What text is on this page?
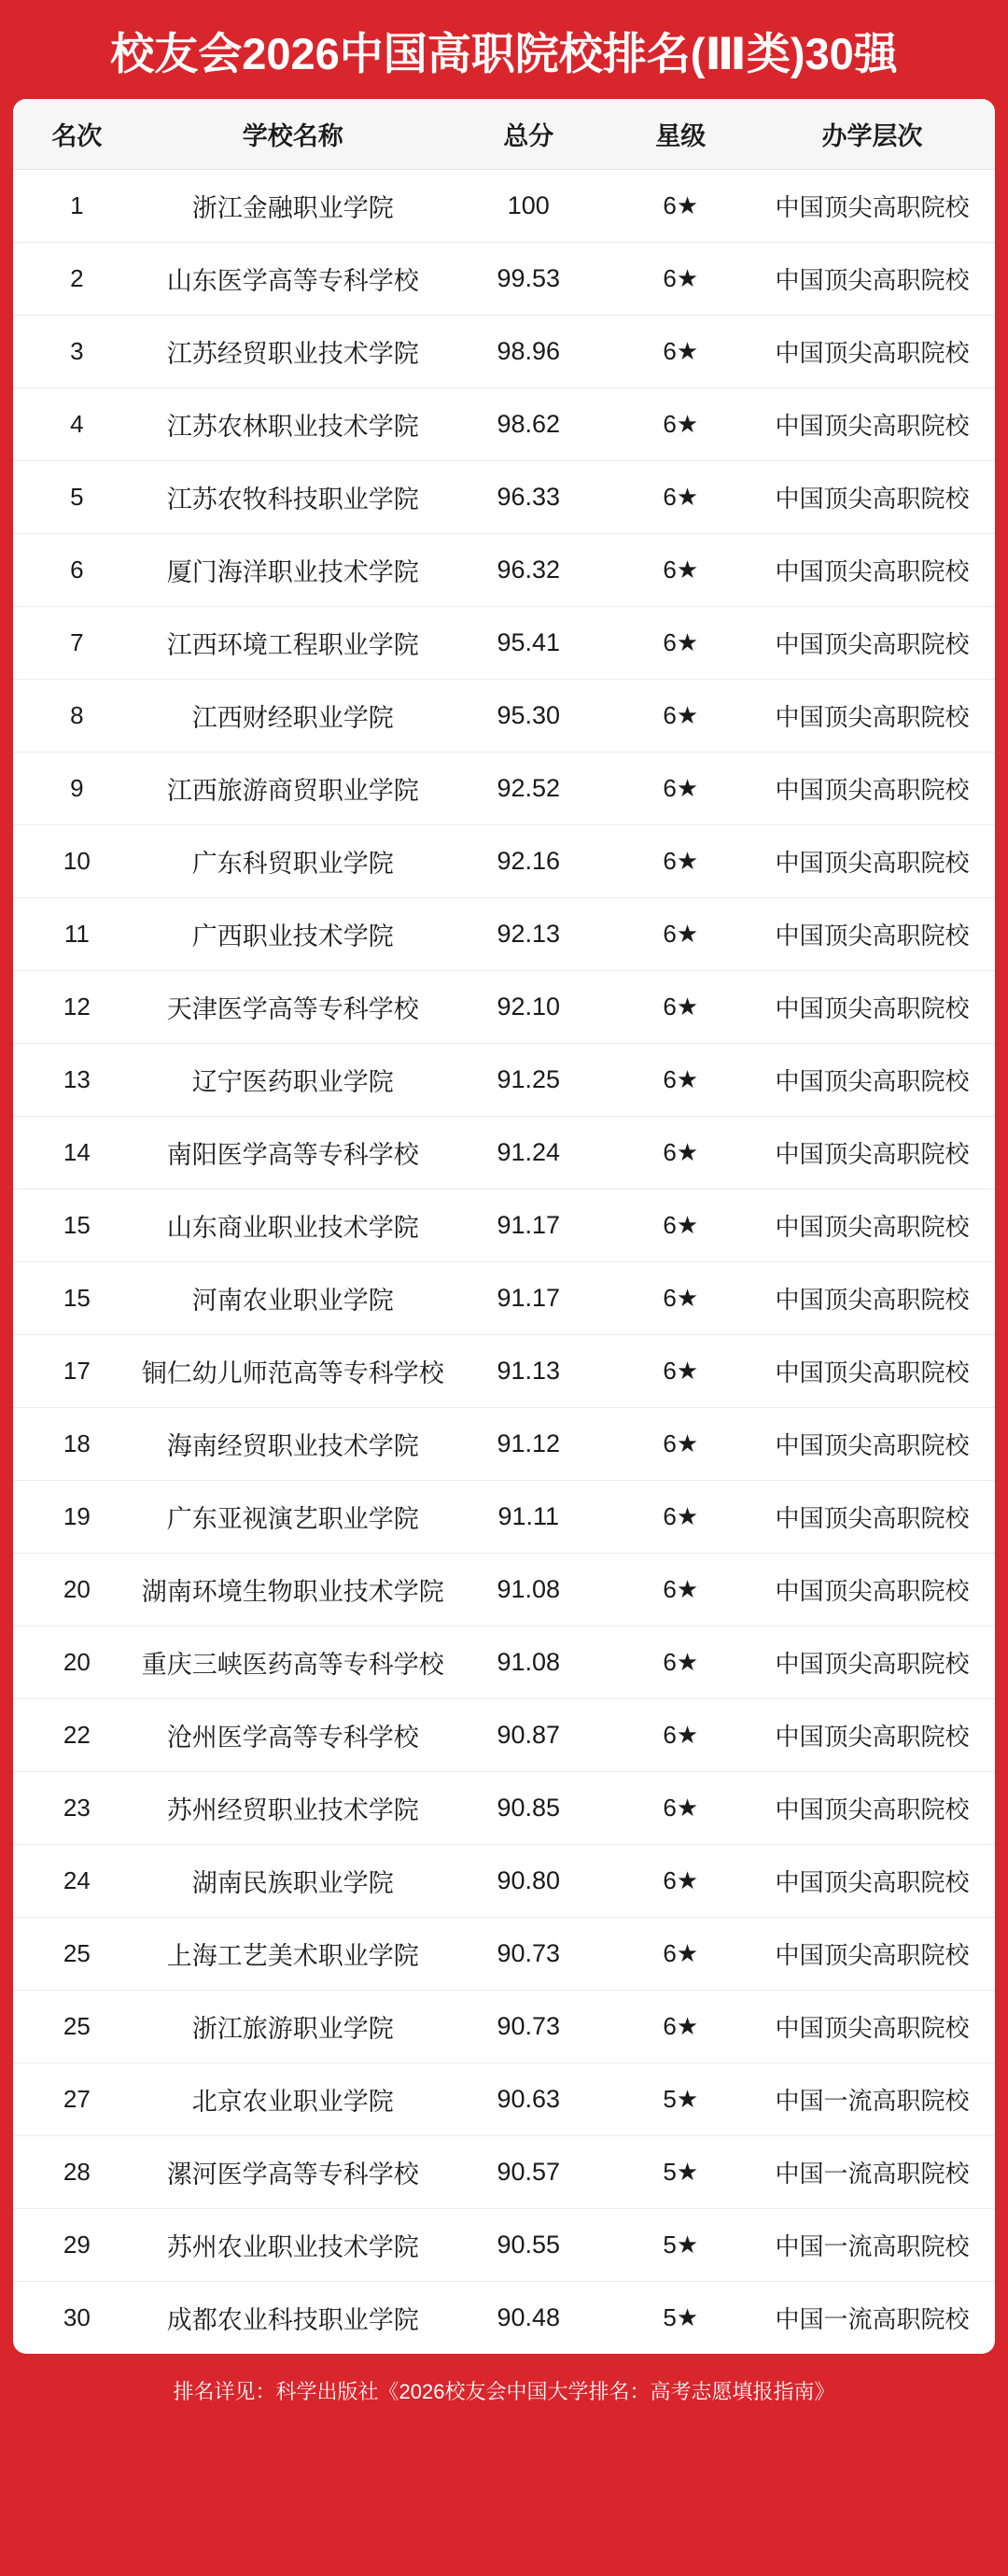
校友会2026中国高职院校排名(Ⅲ类)30强
名次	学校名称	总分	星级	办学层次
1	浙江金融职业学院	100	6★	中国顶尖高职院校
2	山东医学高等专科学校	99.53	6★	中国顶尖高职院校
3	江苏经贸职业技术学院	98.96	6★	中国顶尖高职院校
4	江苏农林职业技术学院	98.62	6★	中国顶尖高职院校
5	江苏农牧科技职业学院	96.33	6★	中国顶尖高职院校
6	厦门海洋职业技术学院	96.32	6★	中国顶尖高职院校
7	江西环境工程职业学院	95.41	6★	中国顶尖高职院校
8	江西财经职业学院	95.30	6★	中国顶尖高职院校
9	江西旅游商贸职业学院	92.52	6★	中国顶尖高职院校
10	广东科贸职业学院	92.16	6★	中国顶尖高职院校
11	广西职业技术学院	92.13	6★	中国顶尖高职院校
12	天津医学高等专科学校	92.10	6★	中国顶尖高职院校
13	辽宁医药职业学院	91.25	6★	中国顶尖高职院校
14	南阳医学高等专科学校	91.24	6★	中国顶尖高职院校
15	山东商业职业技术学院	91.17	6★	中国顶尖高职院校
15	河南农业职业学院	91.17	6★	中国顶尖高职院校
17	铜仁幼儿师范高等专科学校	91.13	6★	中国顶尖高职院校
18	海南经贸职业技术学院	91.12	6★	中国顶尖高职院校
19	广东亚视演艺职业学院	91.11	6★	中国顶尖高职院校
20	湖南环境生物职业技术学院	91.08	6★	中国顶尖高职院校
20	重庆三峡医药高等专科学校	91.08	6★	中国顶尖高职院校
22	沧州医学高等专科学校	90.87	6★	中国顶尖高职院校
23	苏州经贸职业技术学院	90.85	6★	中国顶尖高职院校
24	湖南民族职业学院	90.80	6★	中国顶尖高职院校
25	上海工艺美术职业学院	90.73	6★	中国顶尖高职院校
25	浙江旅游职业学院	90.73	6★	中国顶尖高职院校
27	北京农业职业学院	90.63	5★	中国一流高职院校
28	漯河医学高等专科学校	90.57	5★	中国一流高职院校
29	苏州农业职业技术学院	90.55	5★	中国一流高职院校
30	成都农业科技职业学院	90.48	5★	中国一流高职院校
排名详见：科学出版社《2026校友会中国大学排名：高考志愿填报指南》
